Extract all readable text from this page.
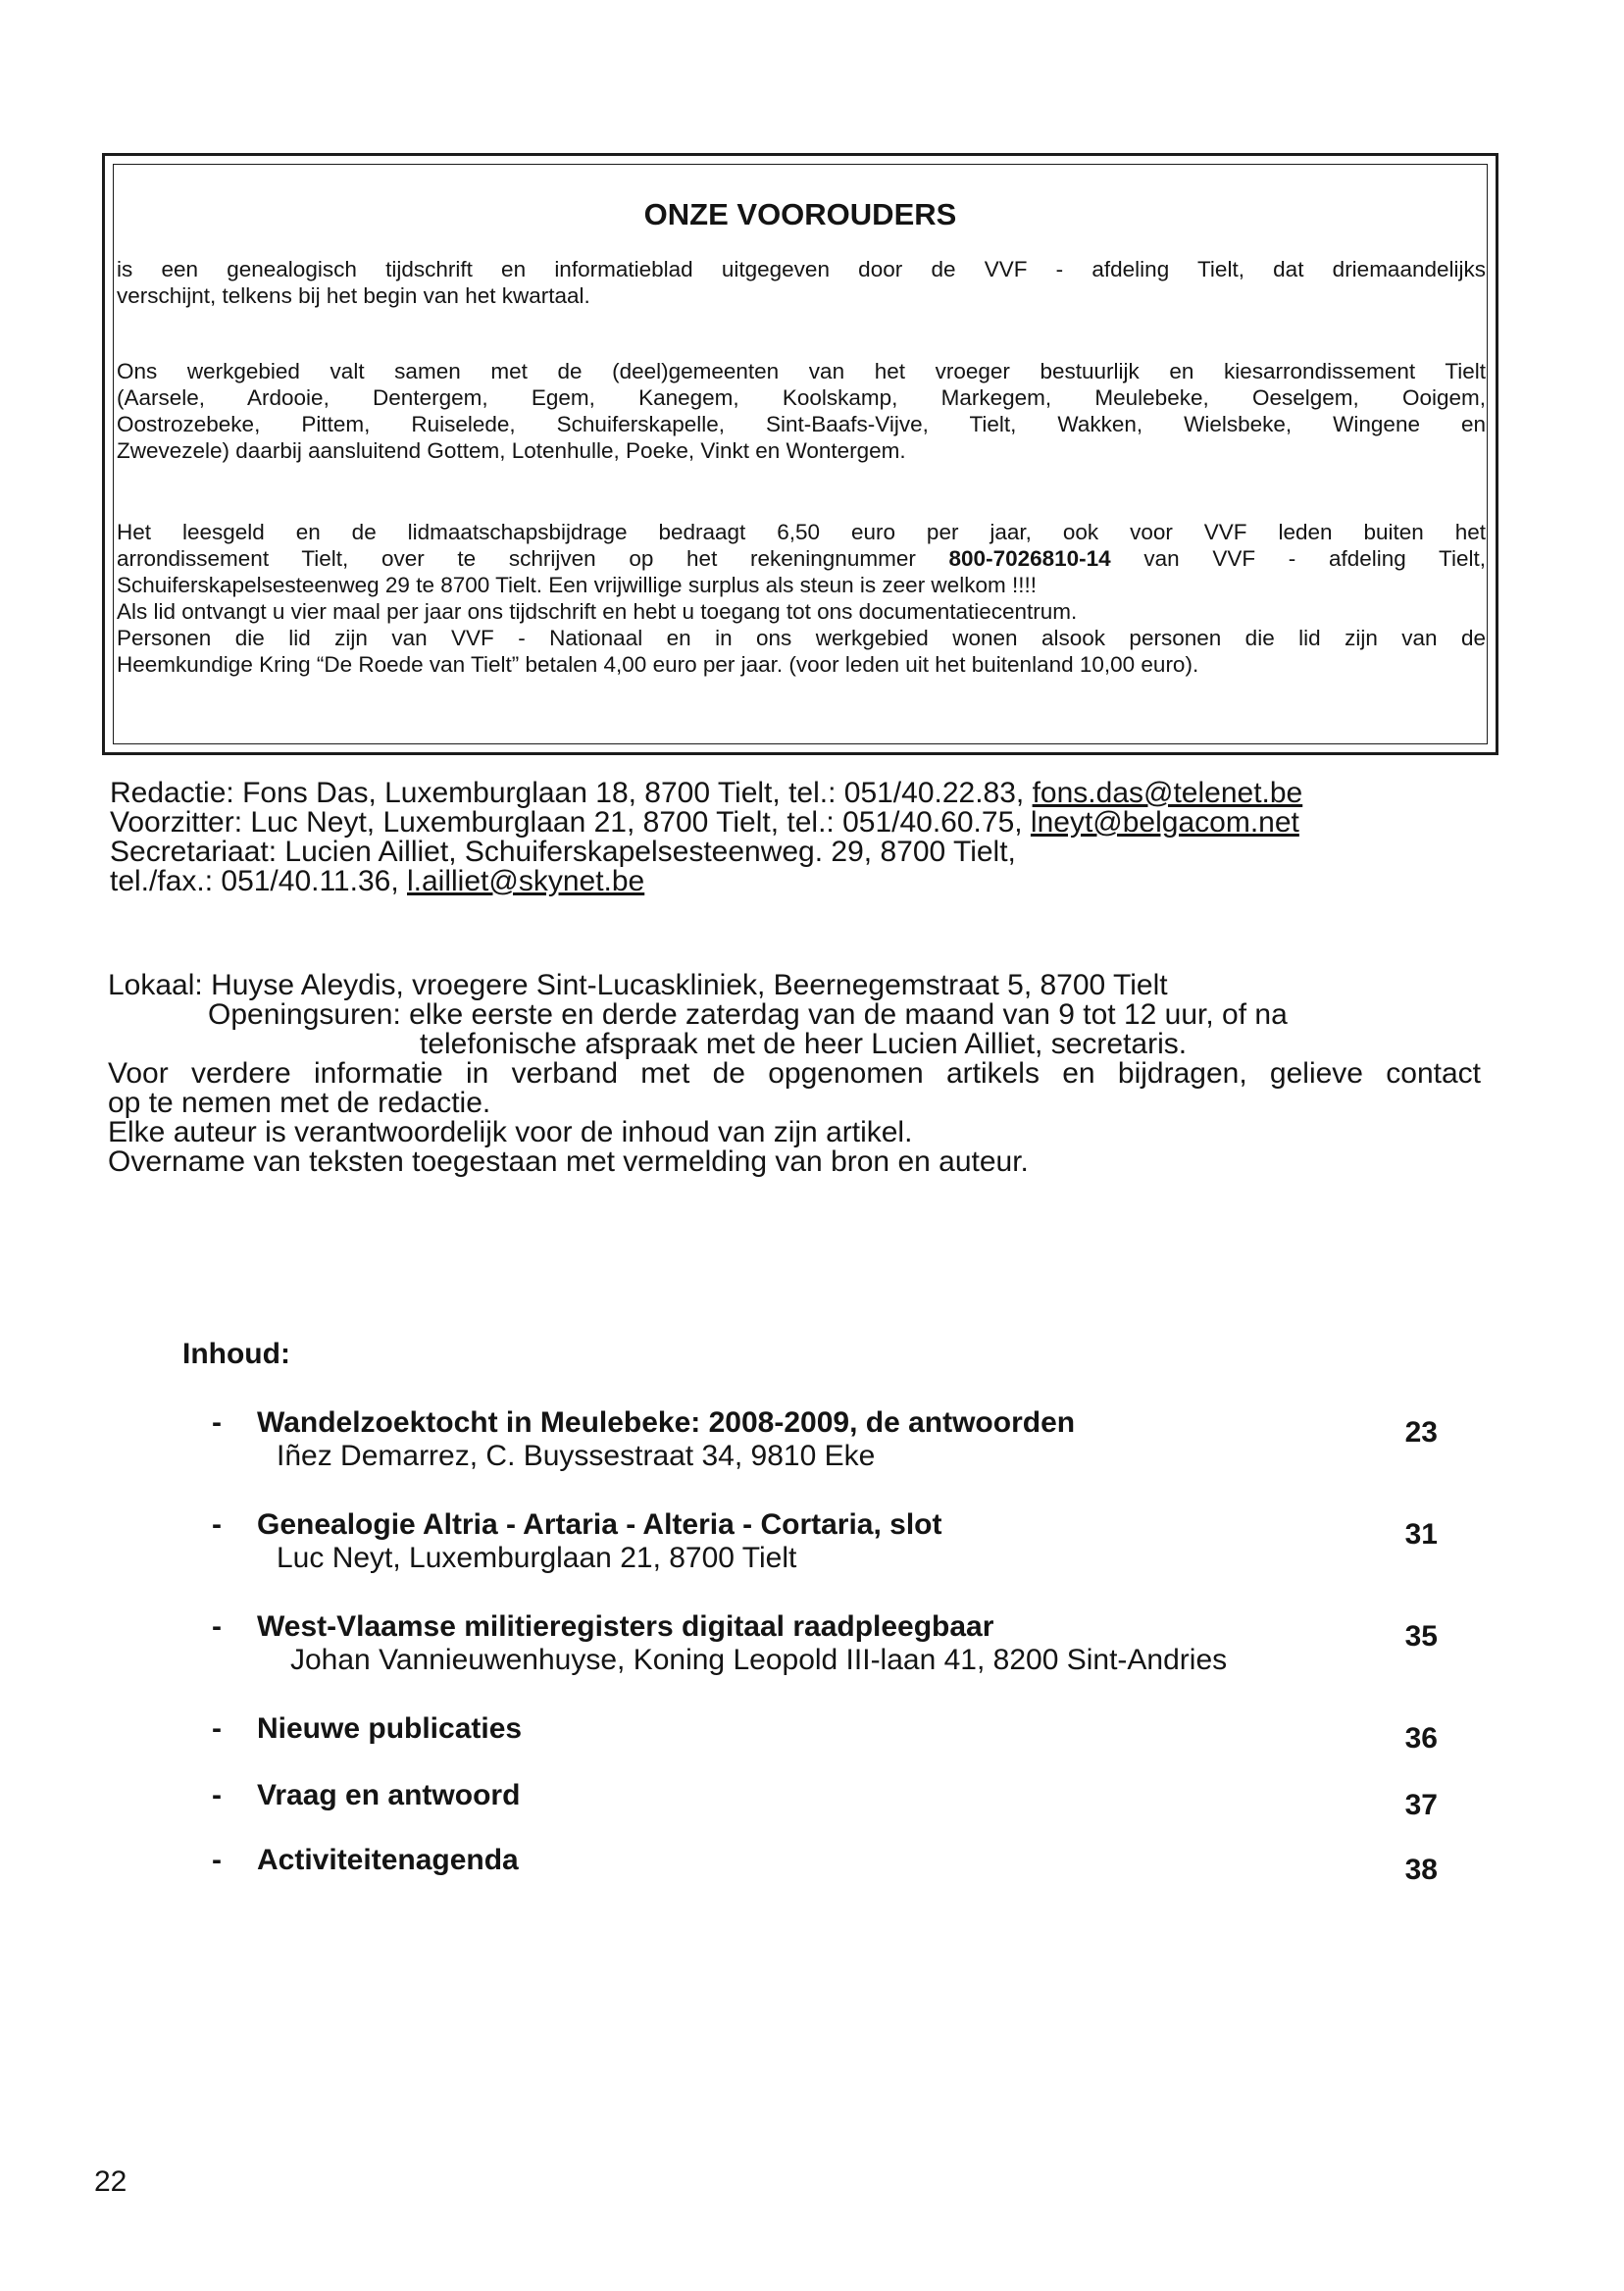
ONZE VOOROUDERS
is een genealogisch tijdschrift en informatieblad uitgegeven door de VVF - afdeling Tielt, dat driemaandelijks
verschijnt, telkens bij het begin van het kwartaal.
Ons werkgebied valt samen met de (deel)gemeenten van het vroeger bestuurlijk en kiesarrondissement Tielt
(Aarsele, Ardooie, Dentergem, Egem, Kanegem, Koolskamp, Markegem, Meulebeke, Oeselgem, Ooigem,
Oostrozebeke, Pittem, Ruiselede, Schuiferskapelle, Sint-Baafs-Vijve, Tielt, Wakken, Wielsbeke, Wingene en
Zwevezele) daarbij aansluitend Gottem, Lotenhulle, Poeke, Vinkt en Wontergem.
Het leesgeld en de lidmaatschapsbijdrage bedraagt 6,50 euro per jaar, ook voor VVF leden buiten het
arrondissement Tielt, over te schrijven op het rekeningnummer 800-7026810-14 van VVF - afdeling Tielt,
Schuiferskapelsesteenweg 29 te 8700 Tielt. Een vrijwillige surplus als steun is zeer welkom !!!!
Als lid ontvangt u vier maal per jaar ons tijdschrift en hebt u toegang tot ons documentatiecentrum.
Personen die lid zijn van VVF - Nationaal en in ons werkgebied wonen alsook personen die lid zijn van de
Heemkundige Kring “De Roede van Tielt” betalen 4,00 euro per jaar. (voor leden uit het buitenland 10,00 euro).
Redactie: Fons Das, Luxemburglaan 18, 8700 Tielt, tel.: 051/40.22.83, fons.das@telenet.be
Voorzitter: Luc Neyt, Luxemburglaan 21, 8700 Tielt, tel.: 051/40.60.75, lneyt@belgacom.net
Secretariaat: Lucien Ailliet, Schuiferskapelsesteenweg. 29, 8700 Tielt,
tel./fax.: 051/40.11.36, l.ailliet@skynet.be
Lokaal: Huyse Aleydis, vroegere Sint-Lucaskliniek, Beernegemstraat 5, 8700 Tielt
Openingsuren: elke eerste en derde zaterdag van de maand van 9 tot 12 uur, of na
telefonische afspraak met de heer Lucien Ailliet, secretaris.
Voor verdere informatie in verband met de opgenomen artikels en bijdragen, gelieve contact
op te nemen met de redactie.
Elke auteur is verantwoordelijk voor de inhoud van zijn artikel.
Overname van teksten toegestaan met vermelding van bron en auteur.
Inhoud:
- Wandelzoektocht in Meulebeke: 2008-2009, de antwoorden
Iñez Demarrez, C. Buyssestraat 34, 9810 Eke
23
- Genealogie Altria - Artaria - Alteria - Cortaria, slot
Luc Neyt, Luxemburglaan 21, 8700 Tielt
31
- West-Vlaamse militieregisters digitaal raadpleegbaar
Johan Vannieuwenhuyse, Koning Leopold III-laan 41, 8200 Sint-Andries
35
- Nieuwe publicaties	36
- Vraag en antwoord	37
- Activiteitenagenda	38
22
